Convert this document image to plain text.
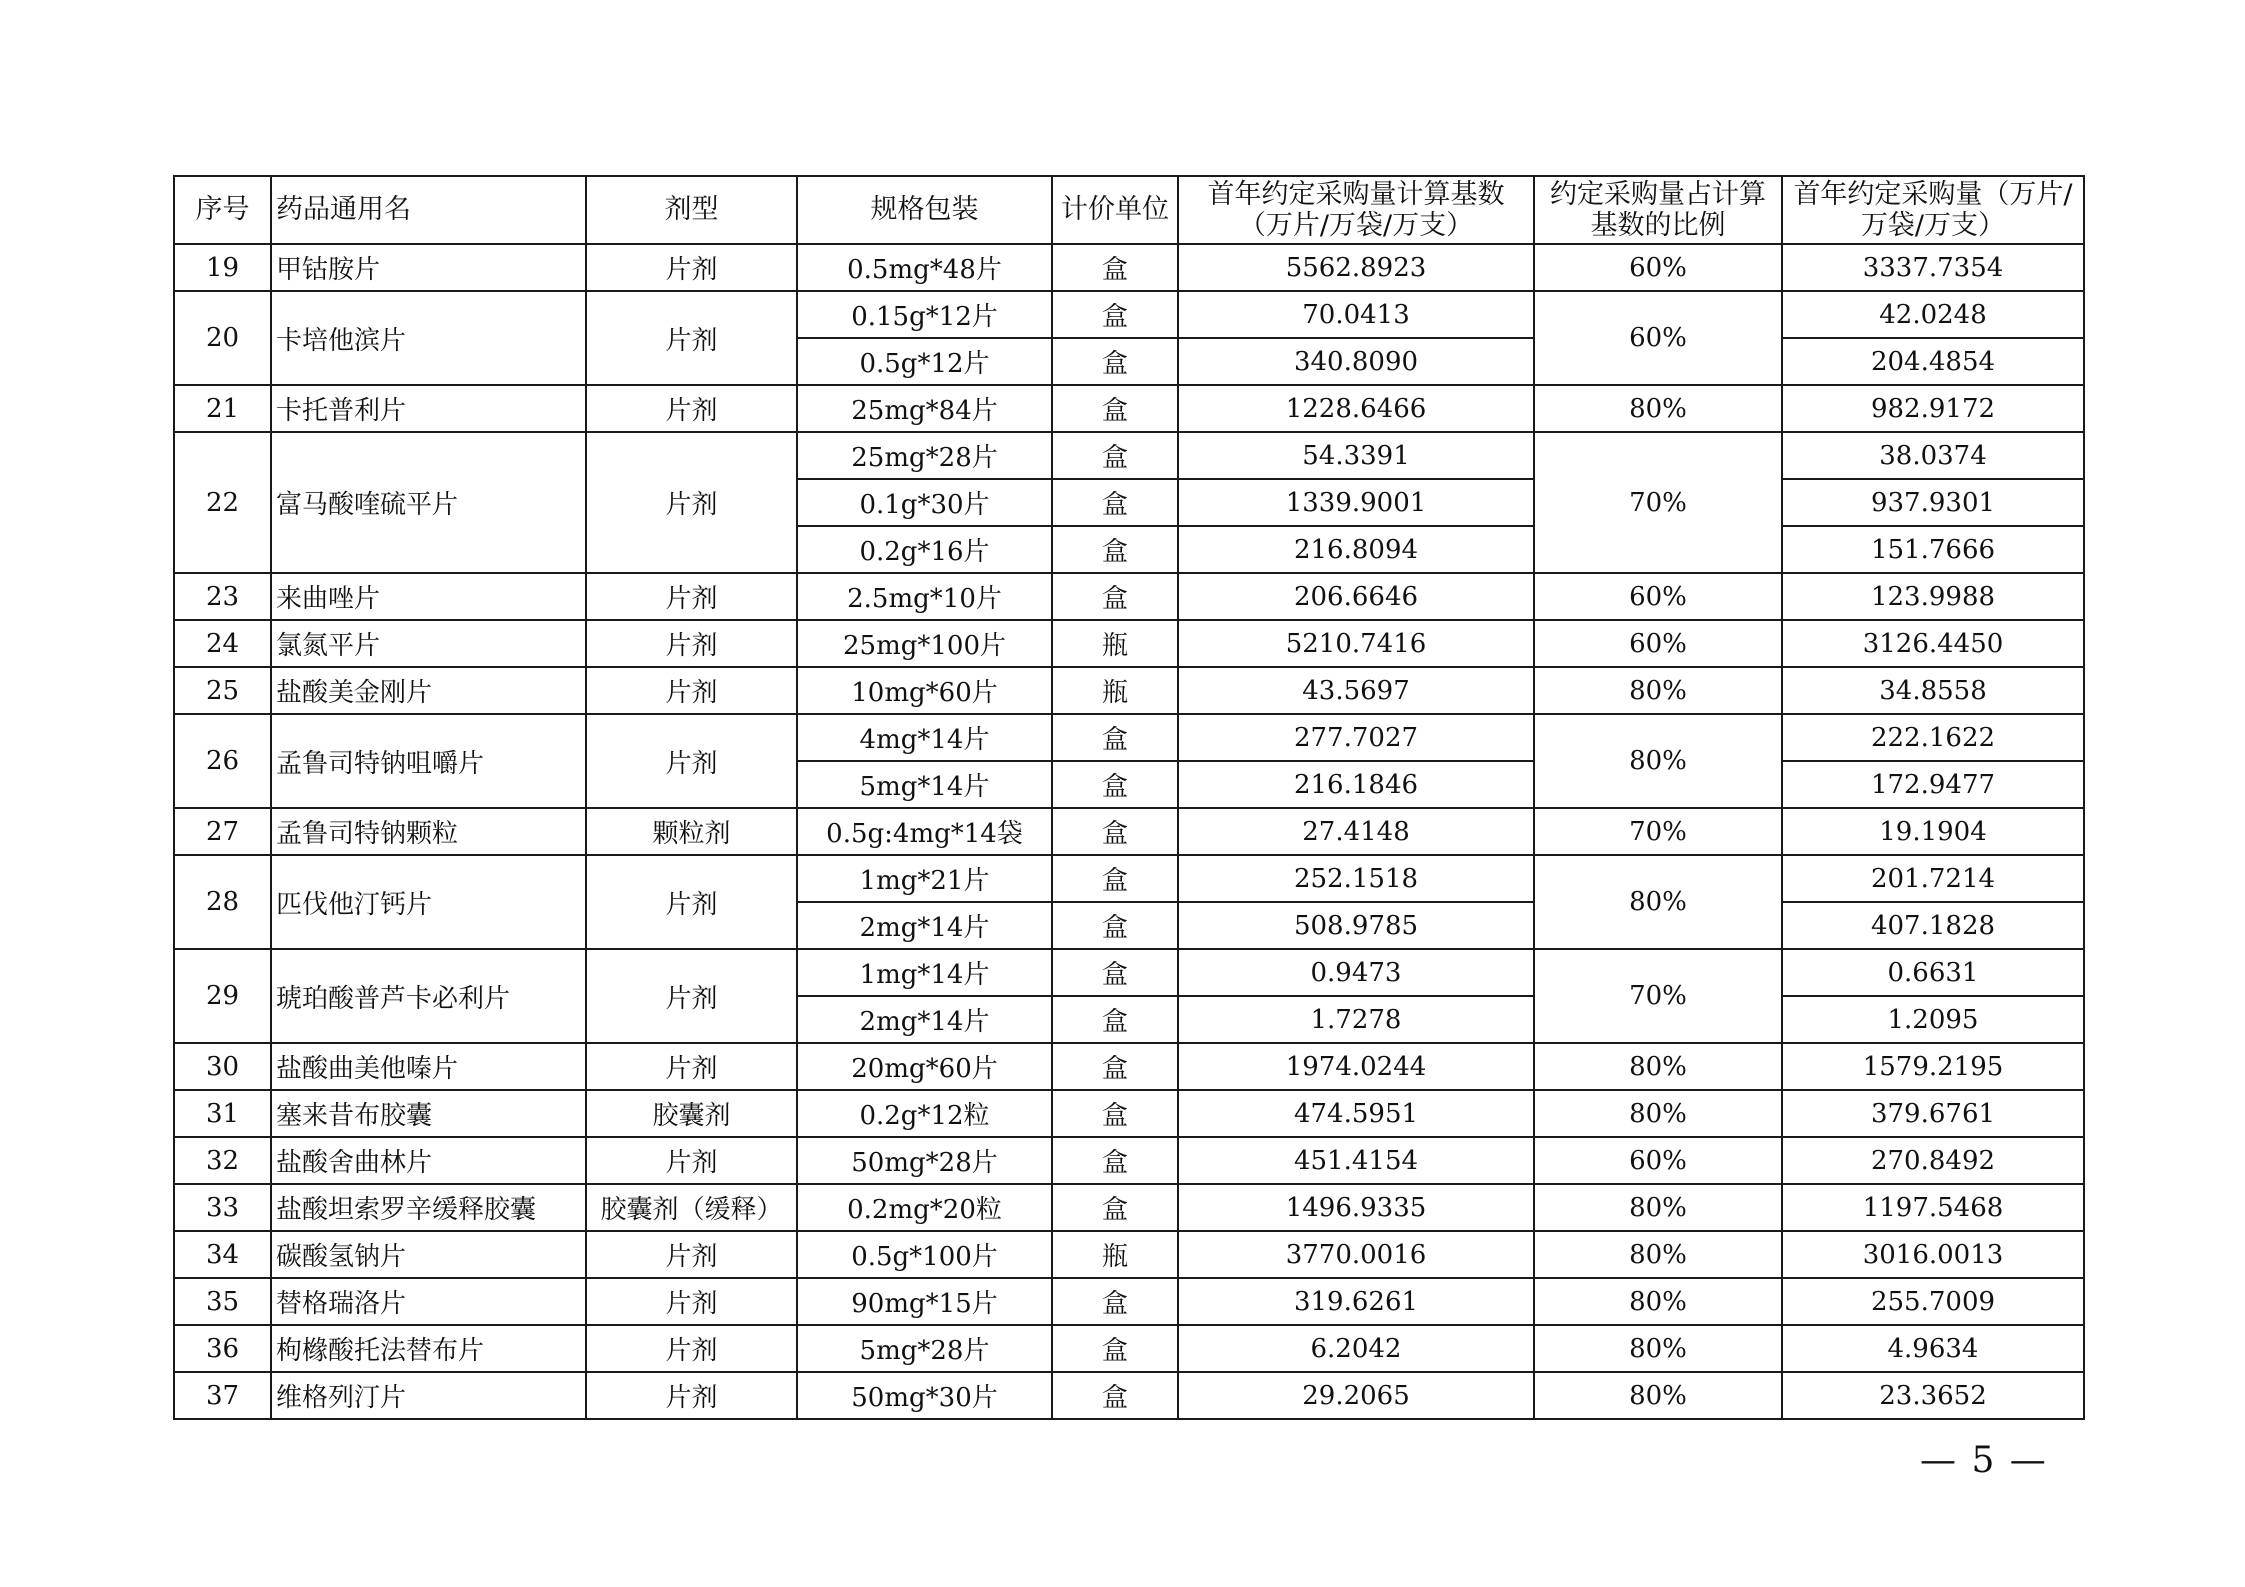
序号	药品通用名	剂型	规格包装	计价单位	首年约定采购量计算基数（万片/万袋/万支）	约定采购量占计算基数的比例	首年约定采购量（万片/万袋/万支）
19	甲钴胺片	片剂	0.5mg*48片	盒	5562.8923	60%	3337.7354
20	卡培他滨片	片剂	0.15g*12片	盒	70.0413	60%	42.0248
			0.5g*12片	盒	340.8090		204.4854
21	卡托普利片	片剂	25mg*84片	盒	1228.6466	80%	982.9172
22	富马酸喹硫平片	片剂	25mg*28片	盒	54.3391	70%	38.0374
			0.1g*30片	盒	1339.9001		937.9301
			0.2g*16片	盒	216.8094		151.7666
23	来曲唑片	片剂	2.5mg*10片	盒	206.6646	60%	123.9988
24	氯氮平片	片剂	25mg*100片	瓶	5210.7416	60%	3126.4450
25	盐酸美金刚片	片剂	10mg*60片	瓶	43.5697	80%	34.8558
26	孟鲁司特钠咀嚼片	片剂	4mg*14片	盒	277.7027	80%	222.1622
			5mg*14片	盒	216.1846		172.9477
27	孟鲁司特钠颗粒	颗粒剂	0.5g:4mg*14袋	盒	27.4148	70%	19.1904
28	匹伐他汀钙片	片剂	1mg*21片	盒	252.1518	80%	201.7214
			2mg*14片	盒	508.9785		407.1828
29	琥珀酸普芦卡必利片	片剂	1mg*14片	盒	0.9473	70%	0.6631
			2mg*14片	盒	1.7278		1.2095
30	盐酸曲美他嗪片	片剂	20mg*60片	盒	1974.0244	80%	1579.2195
31	塞来昔布胶囊	胶囊剂	0.2g*12粒	盒	474.5951	80%	379.6761
32	盐酸舍曲林片	片剂	50mg*28片	盒	451.4154	60%	270.8492
33	盐酸坦索罗辛缓释胶囊	胶囊剂（缓释）	0.2mg*20粒	盒	1496.9335	80%	1197.5468
34	碳酸氢钠片	片剂	0.5g*100片	瓶	3770.0016	80%	3016.0013
35	替格瑞洛片	片剂	90mg*15片	盒	319.6261	80%	255.7009
36	枸橼酸托法替布片	片剂	5mg*28片	盒	6.2042	80%	4.9634
37	维格列汀片	片剂	50mg*30片	盒	29.2065	80%	23.3652
— 5 —
